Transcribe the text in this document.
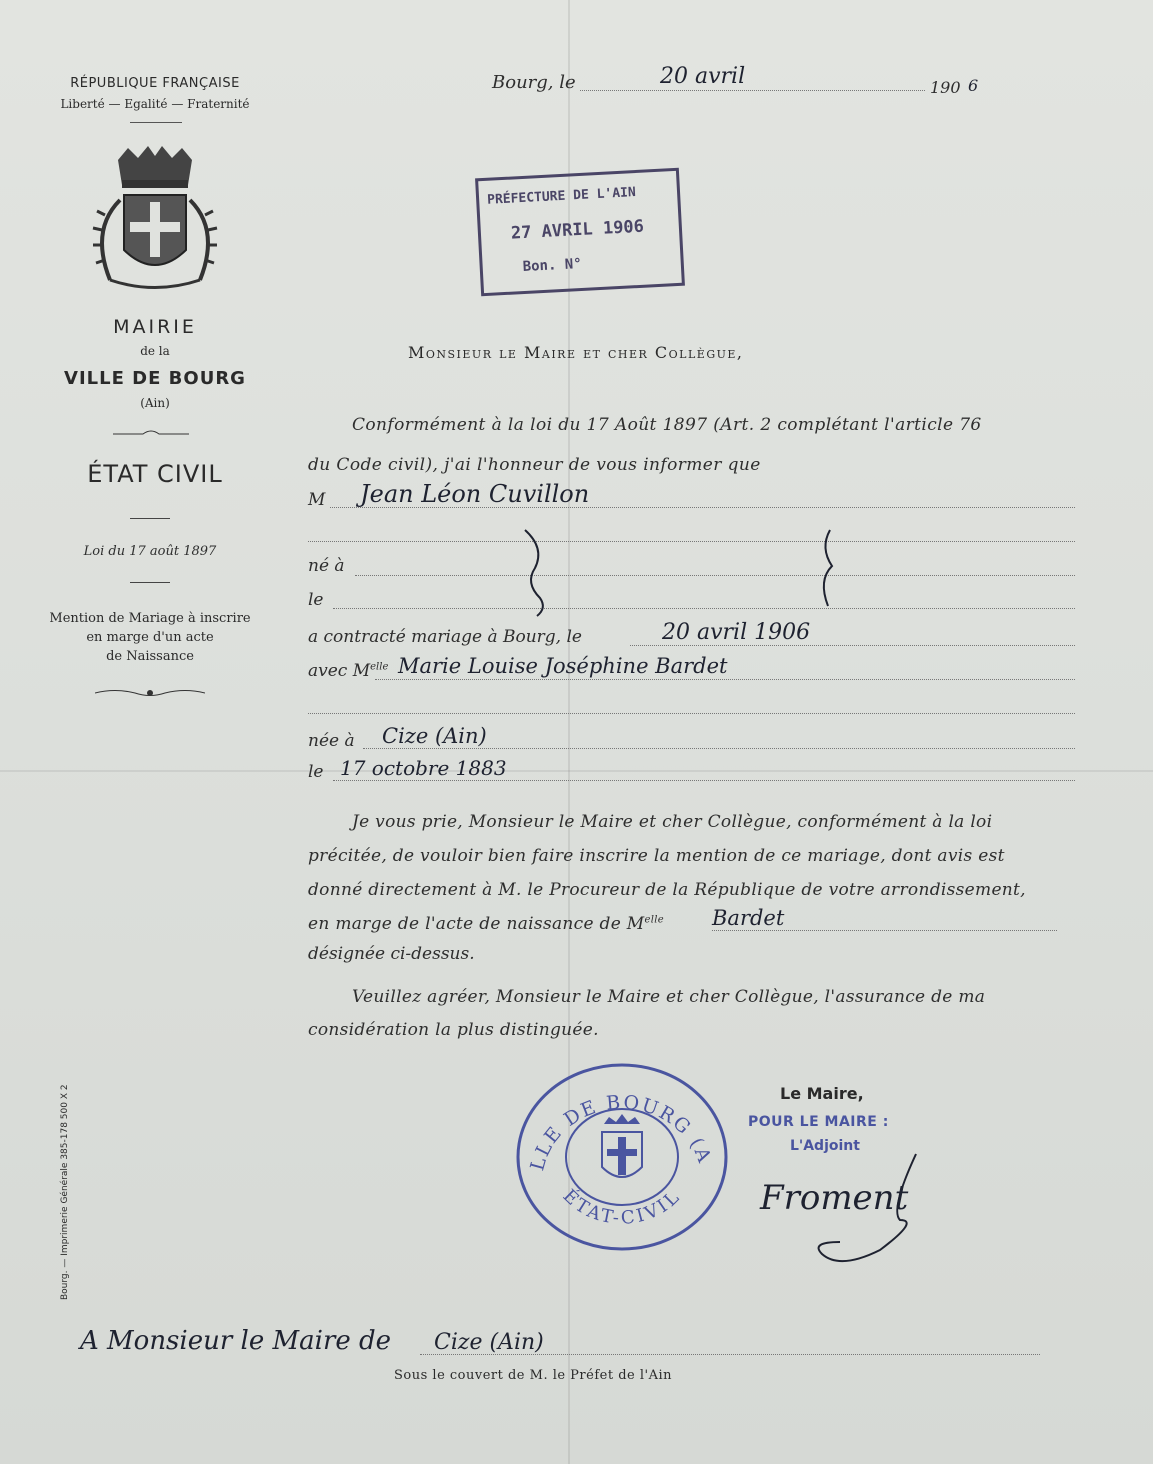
RÉPUBLIQUE FRANÇAISE
Liberté — Egalité — Fraternité
MAIRIE
de la
VILLE DE BOURG
(Ain)
ÉTAT CIVIL
Loi du 17 août 1897
Mention de Mariage à inscrire
en marge d'un acte
de Naissance
Bourg. — Imprimerie Générale 385-178 500 X 2
Bourg, le	20 avril	190 6
PRÉFECTURE DE L'AIN
27 AVRIL 1906
Bon. N°
Monsieur le Maire et cher Collègue,
Conformément à la loi du 17 Août 1897 (Art. 2 complétant l'article 76
du Code civil), j'ai l'honneur de vous informer que
M Jean Léon Cuvillon
né à
le
a contracté mariage à Bourg, le	20 avril 1906
avec $M^{elle}$ Marie Louise Joséphine Bardet
née à Cize (Ain)
le 17 octobre 1883
Je vous prie, Monsieur le Maire et cher Collègue, conformément à la loi
précitée, de vouloir bien faire inscrire la mention de ce mariage, dont avis est
donné directement à M. le Procureur de la République de votre arrondissement,
en marge de l'acte de naissance de $M^{elle}$ Bardet
désignée ci-dessus.
Veuillez agréer, Monsieur le Maire et cher Collègue, l'assurance de ma
considération la plus distinguée.
LLE DE BOURG (A
ÉTAT-CIVIL
Le Maire,
POUR LE MAIRE :
L'Adjoint
Froment
A Monsieur le Maire de Cize (Ain)
Sous le couvert de M. le Préfet de l'Ain
